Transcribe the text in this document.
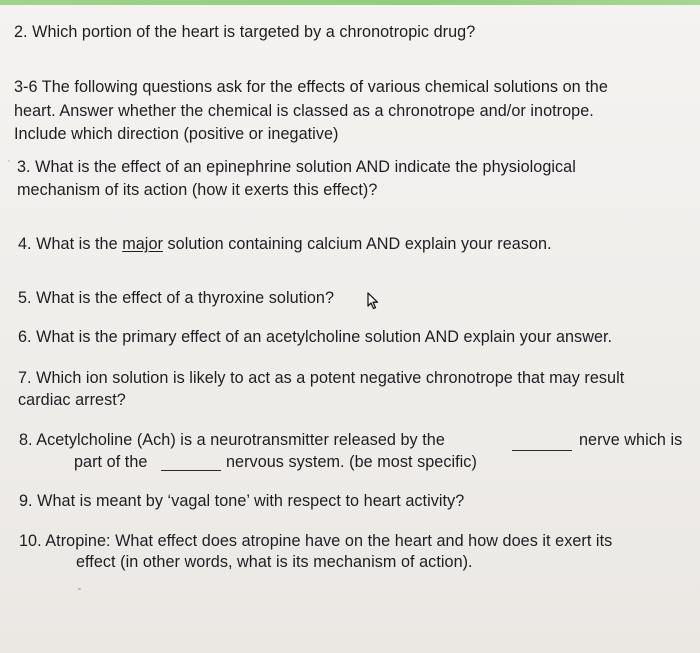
2. Which portion of the heart is targeted by a chronotropic drug?

3-6 The following questions ask for the effects of various chemical solutions on the

heart. Answer whether the chemical is classed as a chronotrope and/or inotrope.

Include which direction (positive or inegative)

3. What is the effect of an epinephrine solution AND indicate the physiological

mechanism of its action (how it exerts this effect)?

4. What is the major solution containing calcium AND explain your reason.

5. What is the effect of a thyroxine solution?

6. What is the primary effect of an acetylcholine solution AND explain your answer.

7. Which ion solution is likely to act as a potent negative chronotrope that may result

cardiac arrest?

8. Acetylcholine (Ach) is a neurotransmitter released by the	nerve which is

part of the	nervous system. (be most specific)

9. What is meant by ‘vagal tone’ with respect to heart activity?

10. Atropine: What effect does atropine have on the heart and how does it exert its

effect (in other words, what is its mechanism of action).
